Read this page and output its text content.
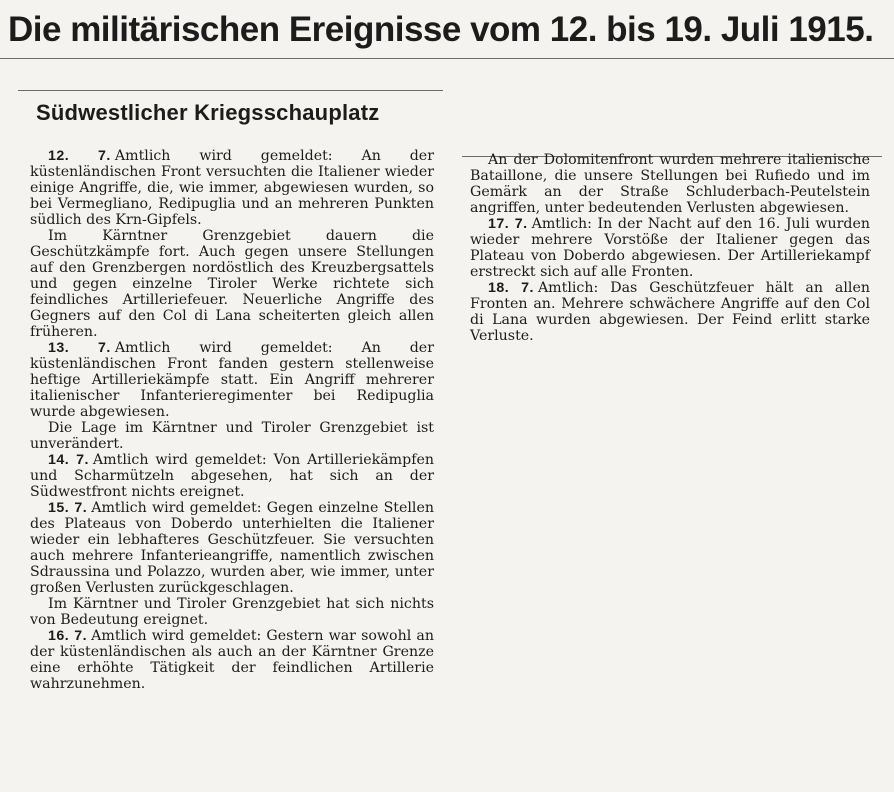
Die militärischen Ereignisse vom 12. bis 19. Juli 1915.
Südwestlicher Kriegsschauplatz

12. 7. Amtlich wird gemeldet: An der küstenländischen Front versuchten die Italiener wieder einige Angriffe, die, wie immer, abgewiesen wurden, so bei Vermegliano, Redipuglia und an mehreren Punkten südlich des Krn-Gipfels.

Im Kärntner Grenzgebiet dauern die Geschützkämpfe fort. Auch gegen unsere Stellungen auf den Grenzbergen nordöstlich des Kreuzbergsattels und gegen einzelne Tiroler Werke richtete sich feindliches Artilleriefeuer. Neuerliche Angriffe des Gegners auf den Col di Lana scheiterten gleich allen früheren.

13. 7. Amtlich wird gemeldet: An der küstenländischen Front fanden gestern stellenweise heftige Artilleriekämpfe statt. Ein Angriff mehrerer italienischer Infanterieregimenter bei Redipuglia wurde abgewiesen.

Die Lage im Kärntner und Tiroler Grenzgebiet ist unverändert.

14. 7. Amtlich wird gemeldet: Von Artilleriekämpfen und Scharmützeln abgesehen, hat sich an der Südwestfront nichts ereignet.

15. 7. Amtlich wird gemeldet: Gegen einzelne Stellen des Plateaus von Doberdo unterhielten die Italiener wieder ein lebhafteres Geschützfeuer. Sie versuchten auch mehrere Infanterieangriffe, namentlich zwischen Sdraussina und Polazzo, wurden aber, wie immer, unter großen Verlusten zurückgeschlagen.

Im Kärntner und Tiroler Grenzgebiet hat sich nichts von Bedeutung ereignet.

16. 7. Amtlich wird gemeldet: Gestern war sowohl an der küstenländischen als auch an der Kärntner Grenze eine erhöhte Tätigkeit der feindlichen Artillerie wahrzunehmen.

An der Dolomitenfront wurden mehrere italienische Bataillone, die unsere Stellungen bei Rufiedo und im Gemärk an der Straße Schluderbach-Peutelstein angriffen, unter bedeutenden Verlusten abgewiesen.

17. 7. Amtlich: In der Nacht auf den 16. Juli wurden wieder mehrere Vorstöße der Italiener gegen das Plateau von Doberdo abgewiesen. Der Artilleriekampf erstreckt sich auf alle Fronten.

18. 7. Amtlich: Das Geschützfeuer hält an allen Fronten an. Mehrere schwächere Angriffe auf den Col di Lana wurden abgewiesen. Der Feind erlitt starke Verluste.
